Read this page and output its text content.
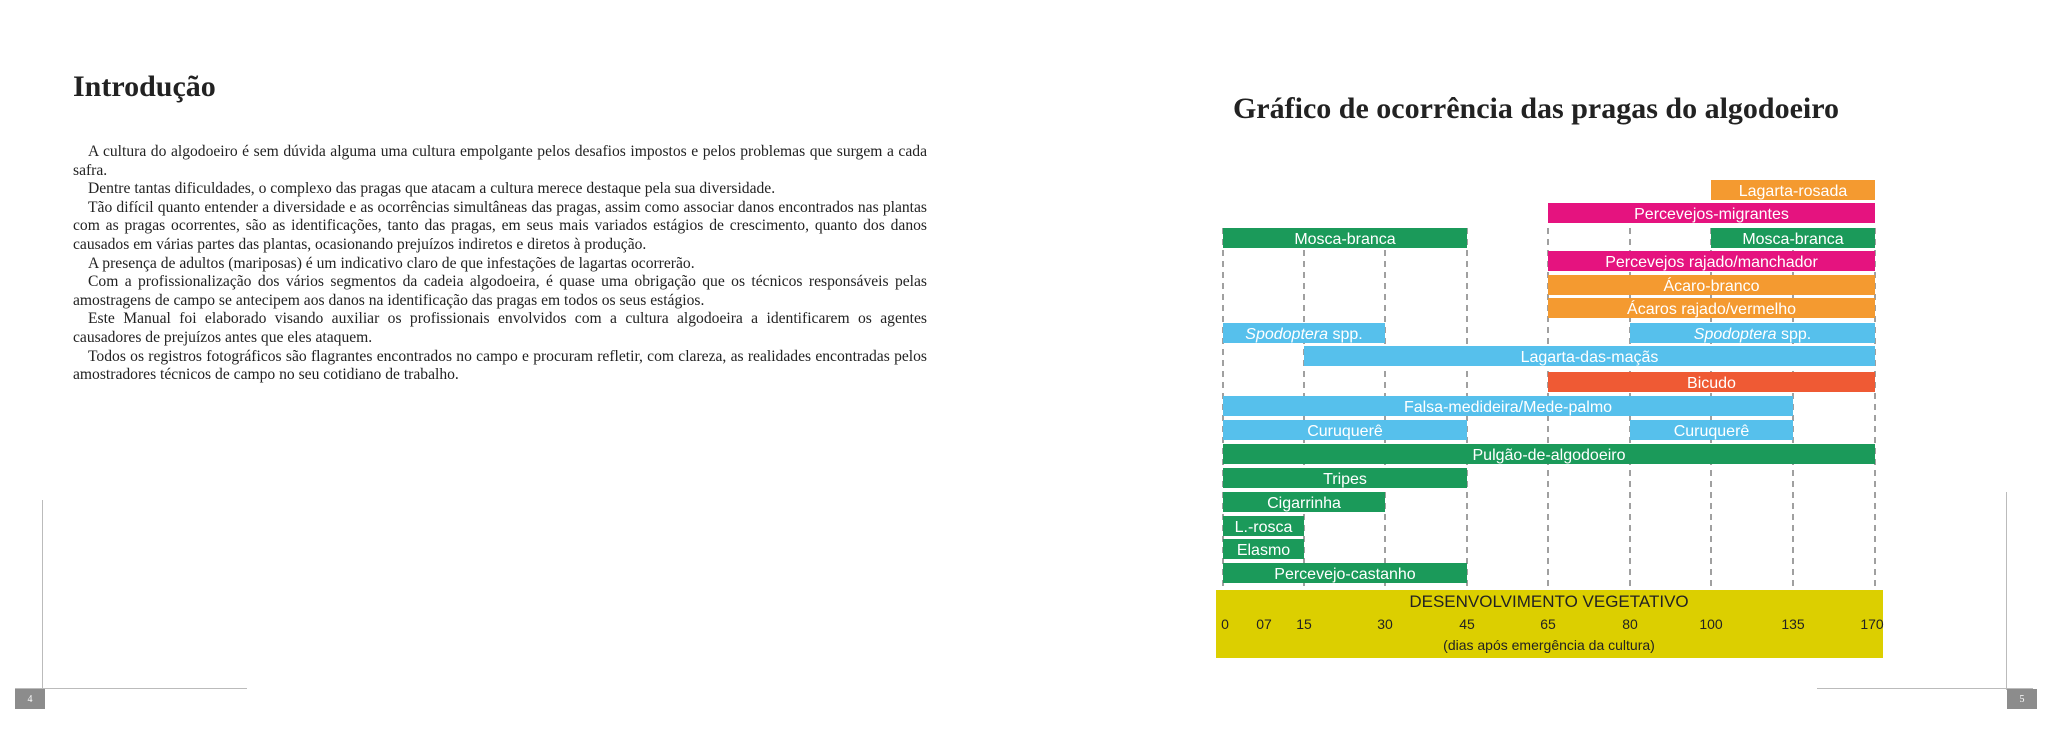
Introdução

A cultura do algodoeiro é sem dúvida alguma uma cultura empolgante pelos desafios impostos e pelos problemas que surgem a cada safra.

Dentre tantas dificuldades, o complexo das pragas que atacam a cultura merece destaque pela sua diversidade.

Tão difícil quanto entender a diversidade e as ocorrências simultâneas das pragas, assim como associar danos encontrados nas plantas com as pragas ocorrentes, são as identificações, tanto das pragas, em seus mais variados estágios de crescimento, quanto dos danos causados em várias partes das plantas, ocasionando prejuízos indiretos e diretos à produção.

A presença de adultos (mariposas) é um indicativo claro de que infestações de lagartas ocorrerão.

Com a profissionalização dos vários segmentos da cadeia algodoeira, é quase uma obrigação que os técnicos responsáveis pelas amostragens de campo se antecipem aos danos na identificação das pragas em todos os seus estágios.

Este Manual foi elaborado visando auxiliar os profissionais envolvidos com a cultura algodoeira a identificarem os agentes causadores de prejuízos antes que eles ataquem.

Todos os registros fotográficos são flagrantes encontrados no campo e procuram refletir, com clareza, as realidades encontradas pelos amostradores técnicos de campo no seu cotidiano de trabalho.

4
Gráfico de ocorrência das pragas do algodoeiro
Lagarta-rosada
Percevejos-migrantes
Mosca-branca	Mosca-branca
Percevejos rajado/manchador
Ácaro-branco
Ácaros rajado/vermelho
Spodoptera spp.	Spodoptera spp.
Lagarta-das-maçãs
Bicudo
Falsa-medideira/Mede-palmo
Curuquerê	Curuquerê
Pulgão-de-algodoeiro
Tripes
Cigarrinha
L.-rosca
Elasmo
Percevejo-castanho
DESENVOLVIMENTO VEGETATIVO
0 07 15	30	45	65	80	100	135	170
(dias após emergência da cultura)
5
